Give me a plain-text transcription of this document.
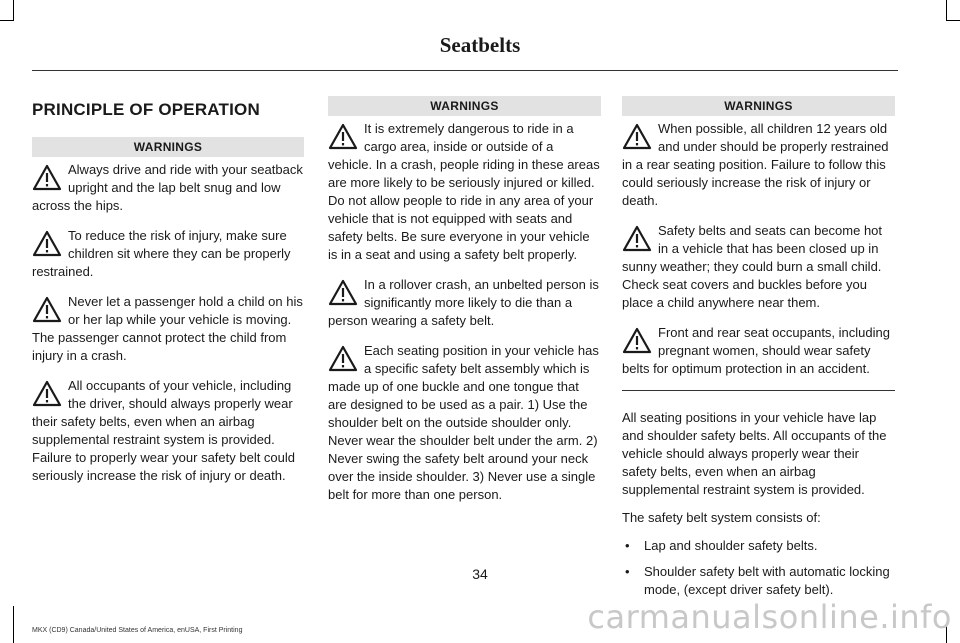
Seatbelts
PRINCIPLE OF OPERATION
WARNINGS

Always drive and ride with your seatback upright and the lap belt snug and low across the hips.

To reduce the risk of injury, make sure children sit where they can be properly restrained.

Never let a passenger hold a child on his or her lap while your vehicle is moving. The passenger cannot protect the child from injury in a crash.

All occupants of your vehicle, including the driver, should always properly wear their safety belts, even when an airbag supplemental restraint system is provided. Failure to properly wear your safety belt could seriously increase the risk of injury or death.

WARNINGS

It is extremely dangerous to ride in a cargo area, inside or outside of a vehicle. In a crash, people riding in these areas are more likely to be seriously injured or killed. Do not allow people to ride in any area of your vehicle that is not equipped with seats and safety belts. Be sure everyone in your vehicle is in a seat and using a safety belt properly.

In a rollover crash, an unbelted person is significantly more likely to die than a person wearing a safety belt.

Each seating position in your vehicle has a specific safety belt assembly which is made up of one buckle and one tongue that are designed to be used as a pair. 1) Use the shoulder belt on the outside shoulder only. Never wear the shoulder belt under the arm. 2) Never swing the safety belt around your neck over the inside shoulder. 3) Never use a single belt for more than one person.

WARNINGS

When possible, all children 12 years old and under should be properly restrained in a rear seating position. Failure to follow this could seriously increase the risk of injury or death.

Safety belts and seats can become hot in a vehicle that has been closed up in sunny weather; they could burn a small child. Check seat covers and buckles before you place a child anywhere near them.

Front and rear seat occupants, including pregnant women, should wear safety belts for optimum protection in an accident.

All seating positions in your vehicle have lap and shoulder safety belts. All occupants of the vehicle should always properly wear their safety belts, even when an airbag supplemental restraint system is provided.

The safety belt system consists of:

• Lap and shoulder safety belts.
• Shoulder safety belt with automatic locking mode, (except driver safety belt).
34
MKX (CD9) Canada/United States of America, enUSA, First Printing	carmanualsonline.info
